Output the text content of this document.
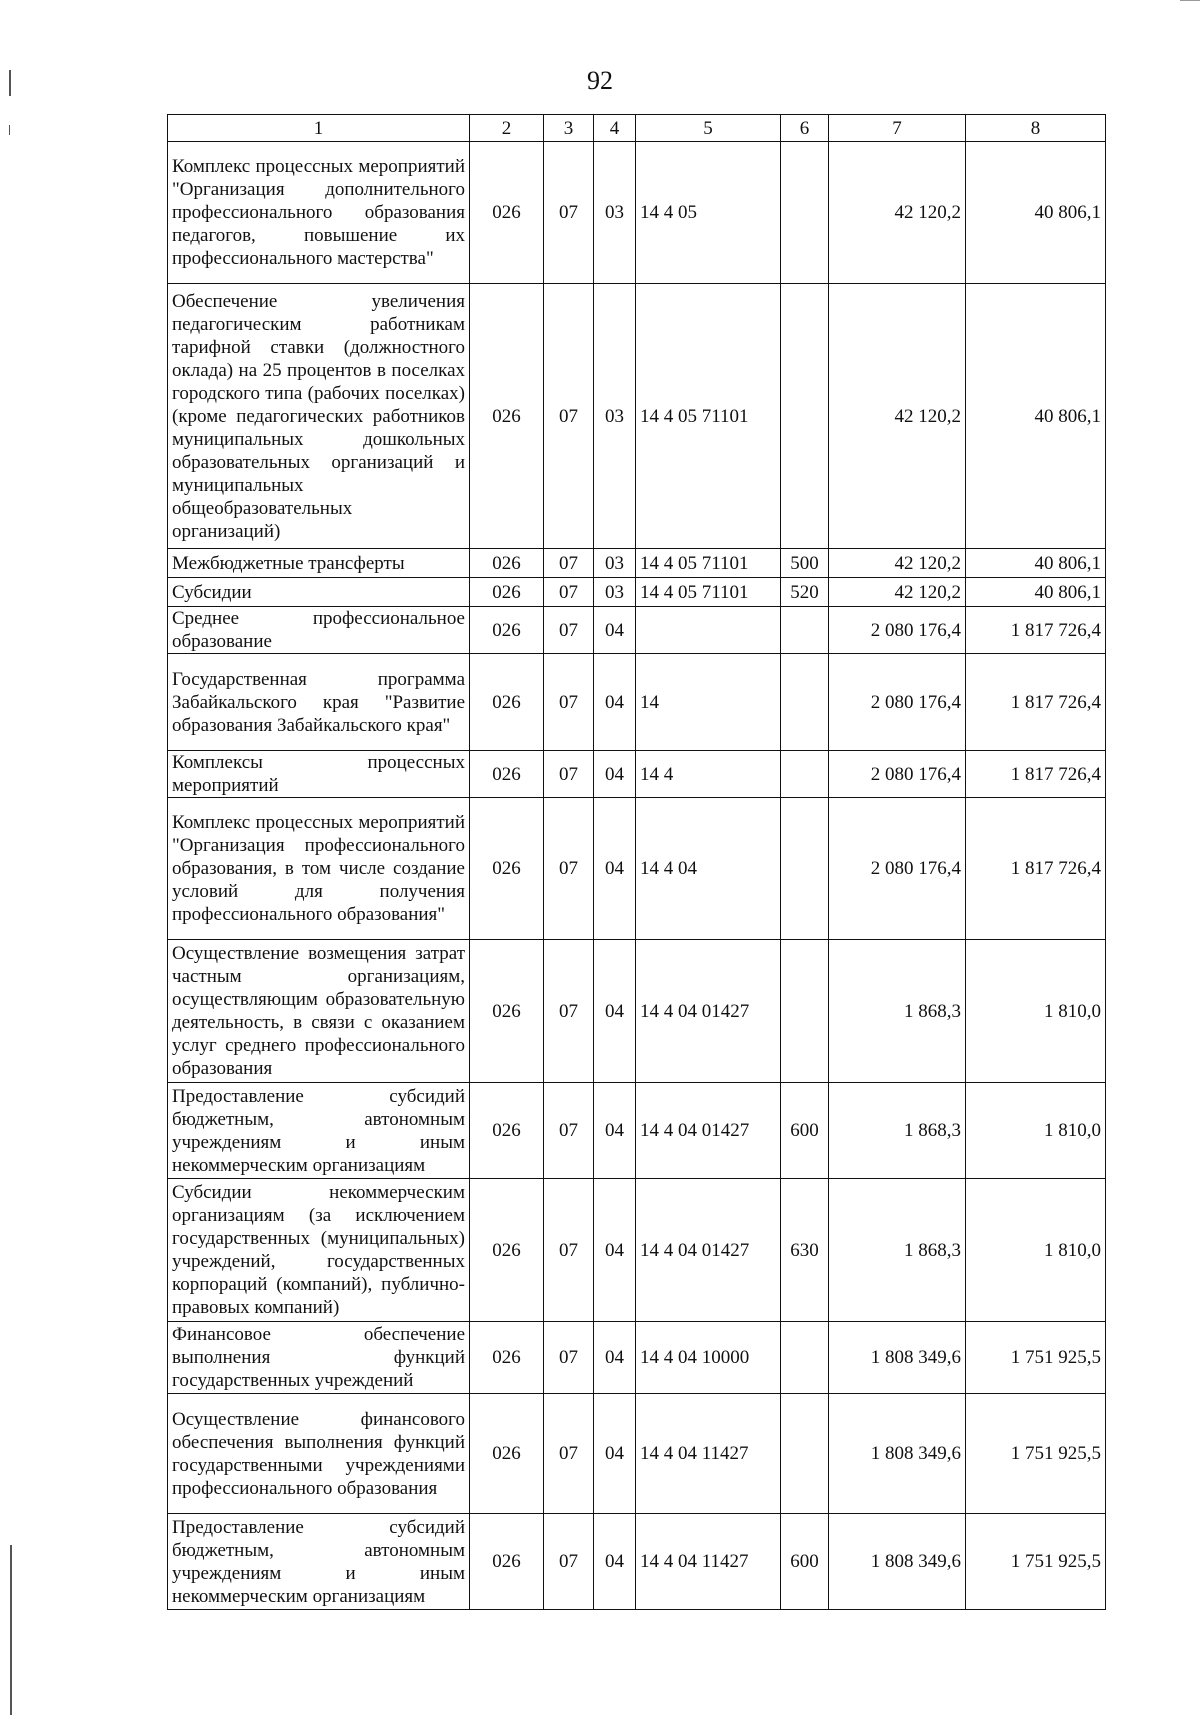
92
1	2	3	4	5	6	7	8
Комплекс процессных мероприятий "Организация дополнительного профессионального образования педагогов, повышение их профессионального мастерства"	026	07	03	14 4 05		42 120,2	40 806,1
Обеспечение увеличения педагогическим работникам тарифной ставки (должностного оклада) на 25 процентов в поселках городского типа (рабочих поселках) (кроме педагогических работников муниципальных дошкольных образовательных организаций и муниципальных общеобразовательных организаций)	026	07	03	14 4 05 71101		42 120,2	40 806,1
Межбюджетные трансферты	026	07	03	14 4 05 71101	500	42 120,2	40 806,1
Субсидии	026	07	03	14 4 05 71101	520	42 120,2	40 806,1
Среднее профессиональное образование	026	07	04			2 080 176,4	1 817 726,4
Государственная программа Забайкальского края "Развитие образования Забайкальского края"	026	07	04	14		2 080 176,4	1 817 726,4
Комплексы процессных мероприятий	026	07	04	14 4		2 080 176,4	1 817 726,4
Комплекс процессных мероприятий "Организация профессионального образования, в том числе создание условий для получения профессионального образования"	026	07	04	14 4 04		2 080 176,4	1 817 726,4
Осуществление возмещения затрат частным организациям, осуществляющим образовательную деятельность, в связи с оказанием услуг среднего профессионального образования	026	07	04	14 4 04 01427		1 868,3	1 810,0
Предоставление субсидий бюджетным, автономным учреждениям и иным некоммерческим организациям	026	07	04	14 4 04 01427	600	1 868,3	1 810,0
Субсидии некоммерческим организациям (за исключением государственных (муниципальных) учреждений, государственных корпораций (компаний), публично-правовых компаний)	026	07	04	14 4 04 01427	630	1 868,3	1 810,0
Финансовое обеспечение выполнения функций государственных учреждений	026	07	04	14 4 04 10000		1 808 349,6	1 751 925,5
Осуществление финансового обеспечения выполнения функций государственными учреждениями профессионального образования	026	07	04	14 4 04 11427		1 808 349,6	1 751 925,5
Предоставление субсидий бюджетным, автономным учреждениям и иным некоммерческим организациям	026	07	04	14 4 04 11427	600	1 808 349,6	1 751 925,5
